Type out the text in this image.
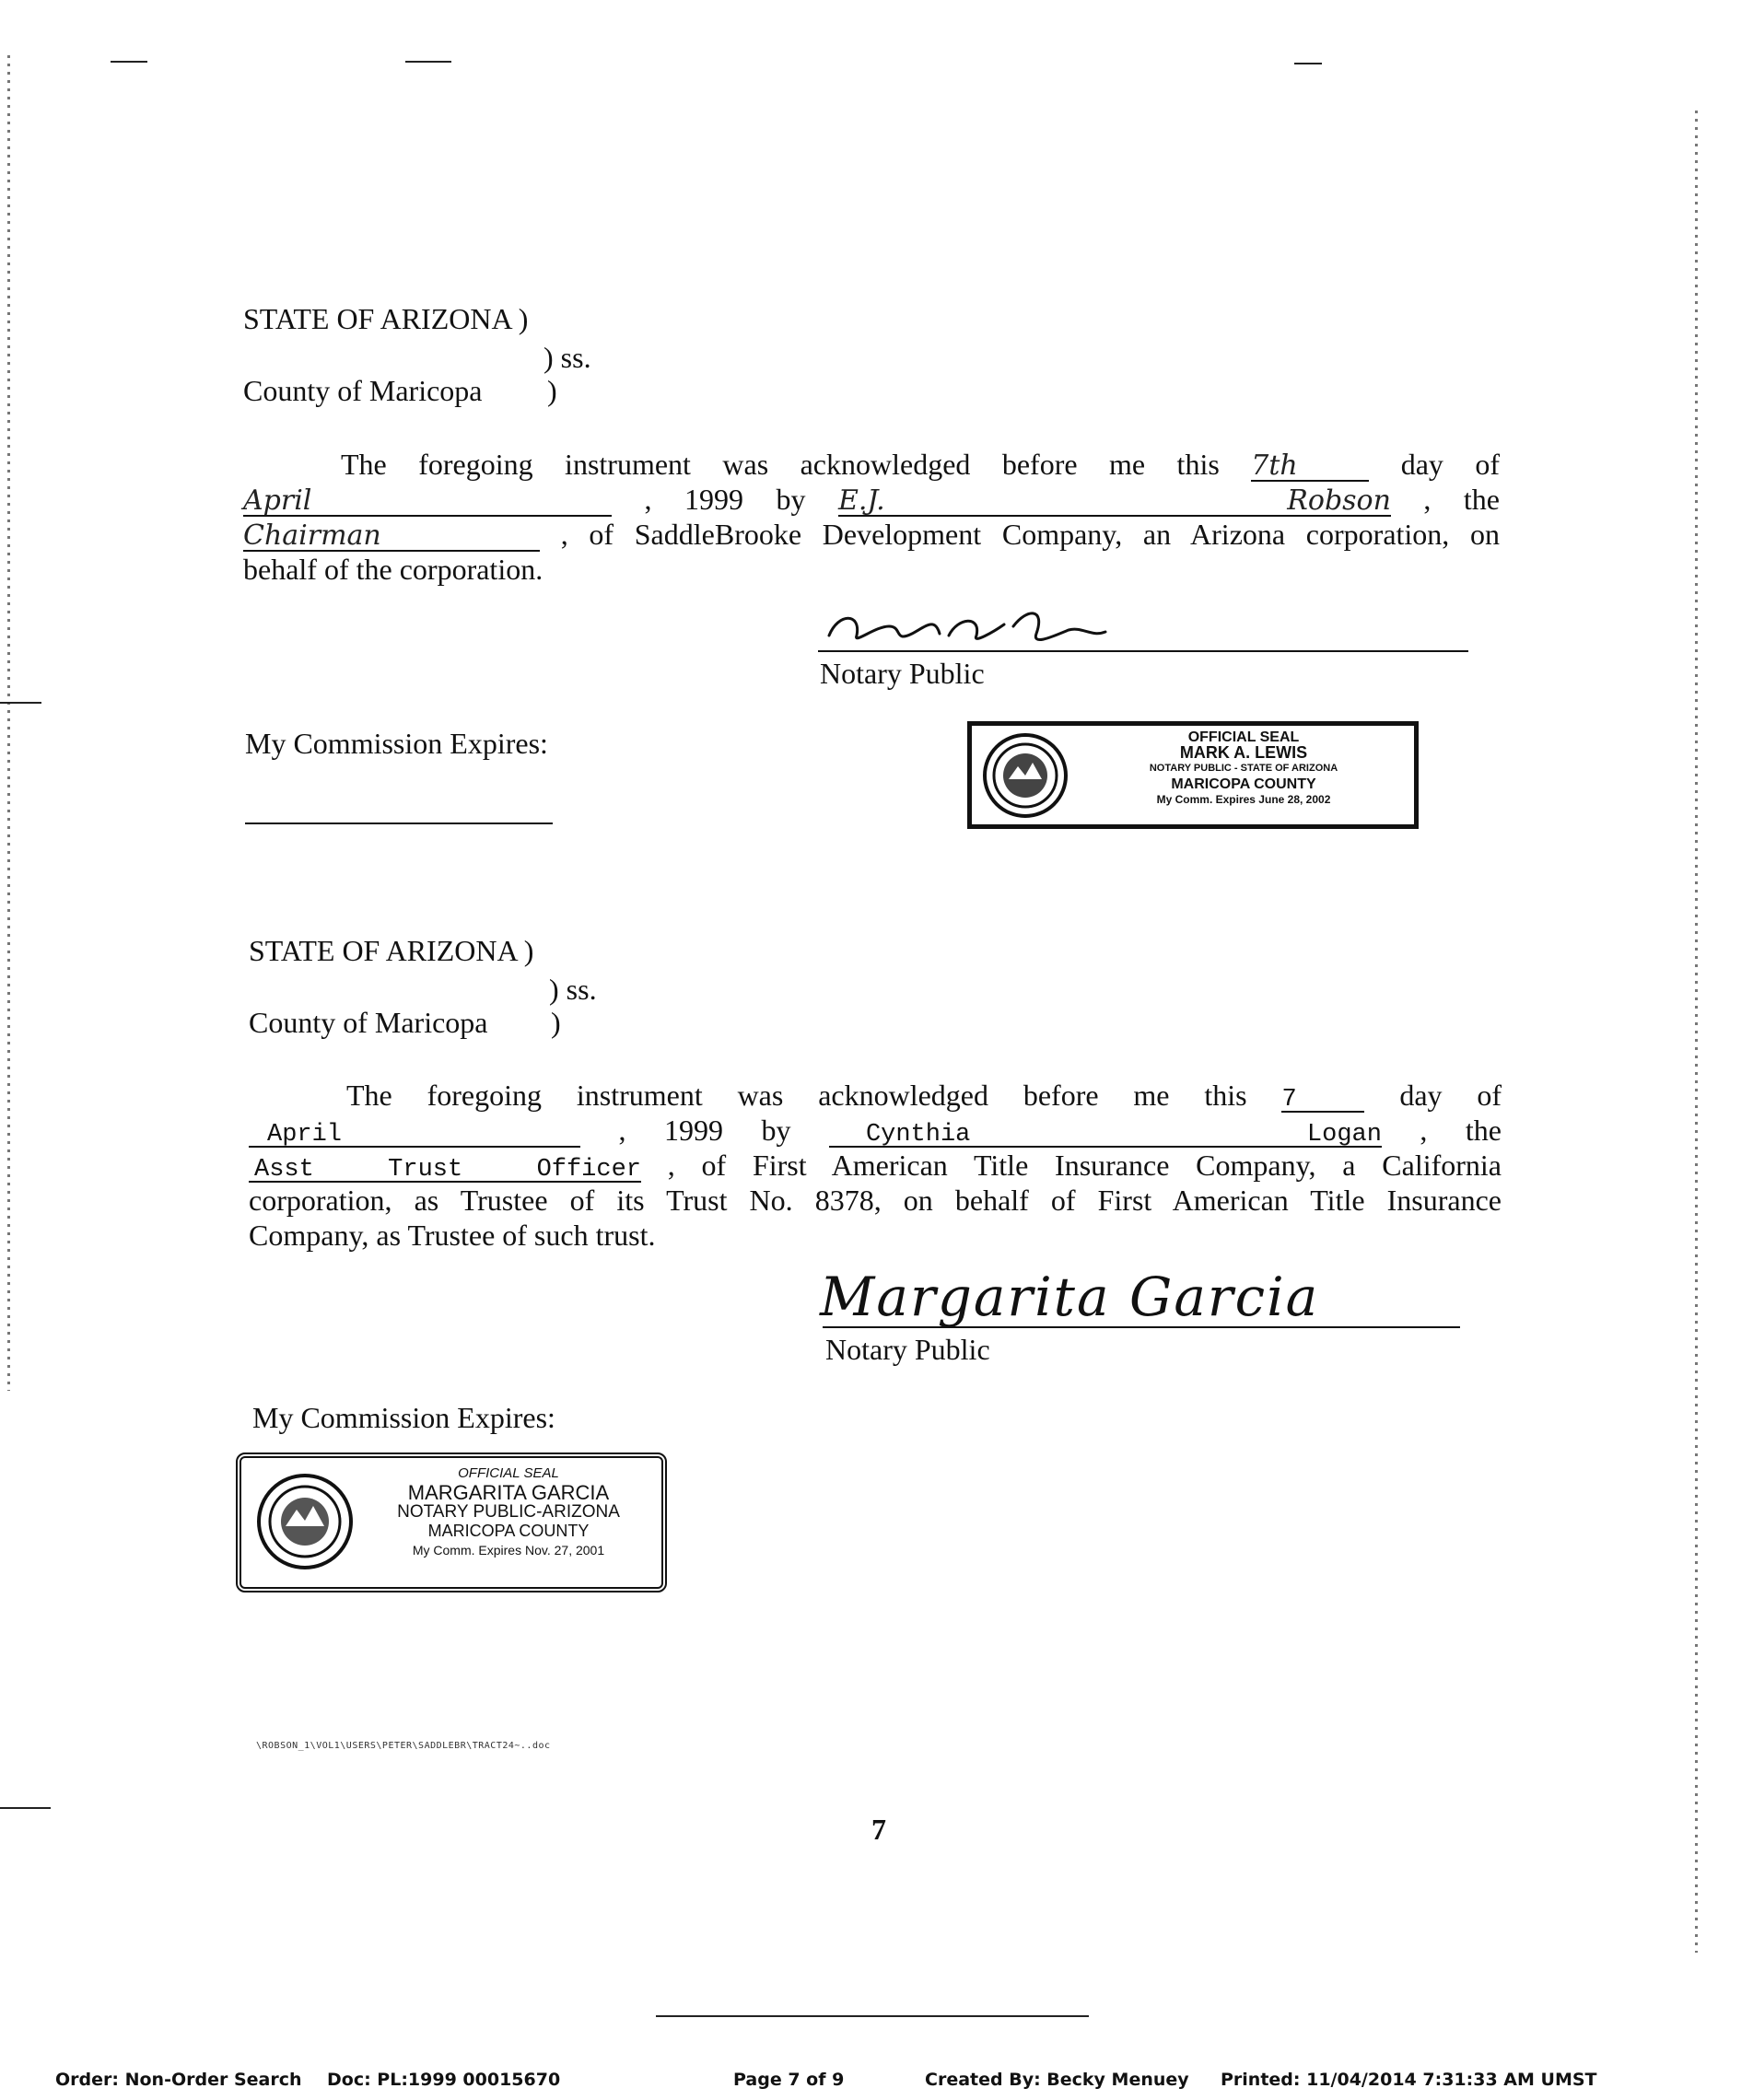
STATE OF ARIZONA )
) ss.
County of Maricopa )
The foregoing instrument was acknowledged before me this 7th	day of
April	, 1999 by E.J. Robson , the
Chairman	, of SaddleBrooke Development Company, an Arizona corporation, on
behalf of the corporation.
Notary Public
My Commission Expires:	OFFICIAL SEAL
MARK A. LEWIS
NOTARY PUBLIC - STATE OF ARIZONA
MARICOPA COUNTY
My Comm. Expires June 28, 2002
STATE OF ARIZONA )
) ss.
County of Maricopa )
The foregoing instrument was acknowledged before me this 7	day of
April	, 1999 by	Cynthia Logan , the
Asst Trust Officer , of First American Title Insurance Company, a California
corporation, as Trustee of its Trust No. 8378, on behalf of First American Title Insurance
Company, as Trustee of such trust.
Margarita Garcia
Notary Public
My Commission Expires:
OFFICIAL SEAL
MARGARITA GARCIA
NOTARY PUBLIC-ARIZONA
MARICOPA COUNTY
My Comm. Expires Nov. 27, 2001
\ROBSON_1\VOL1\USERS\PETER\SADDLEBR\TRACT24~..doc
7
Order: Non-Order Search Doc: PL:1999 00015670	Page 7 of 9	Created By: Becky Menuey Printed: 11/04/2014 7:31:33 AM UMST
